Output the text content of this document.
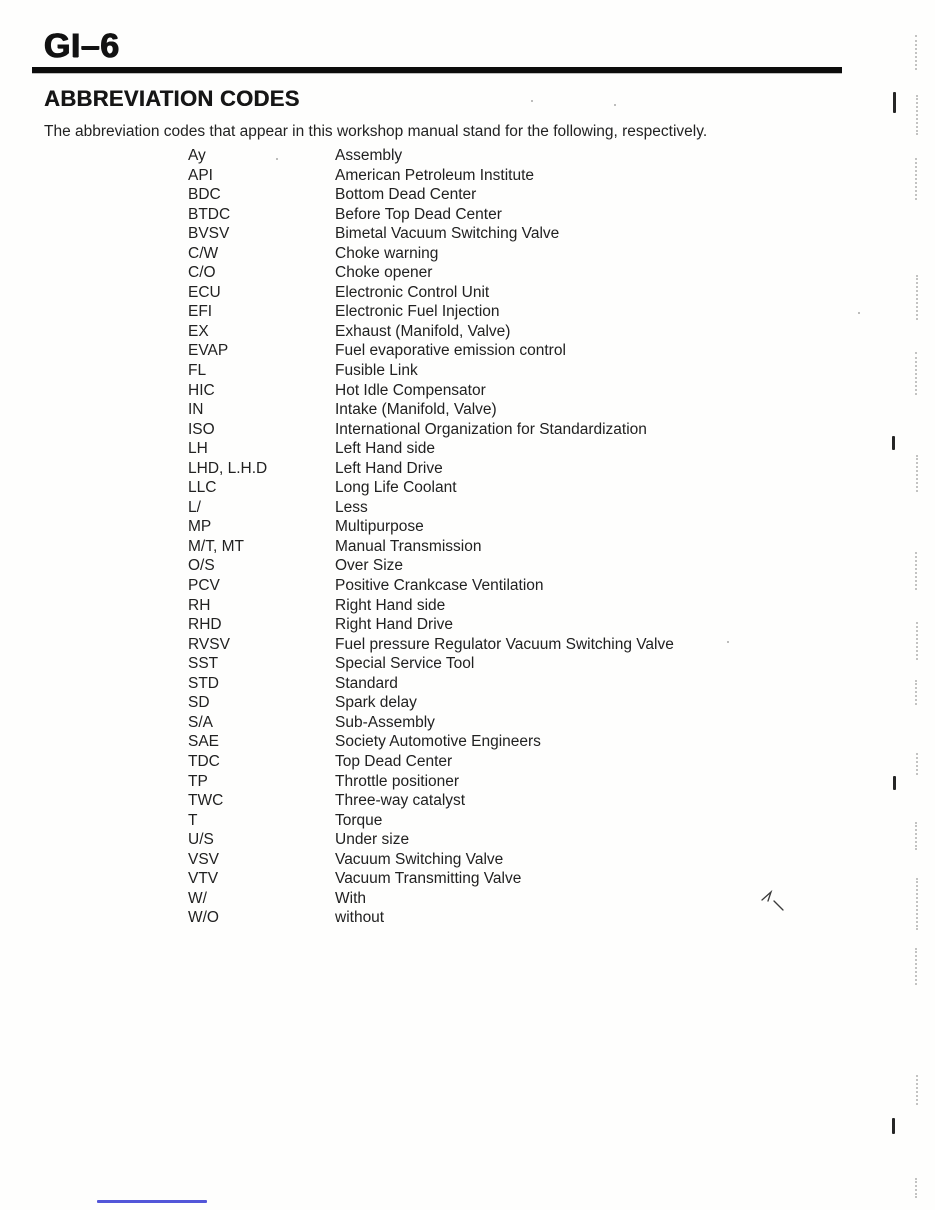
GI–6
ABBREVIATION CODES
The abbreviation codes that appear in this workshop manual stand for the following, respectively.
Ay	Assembly
API	American Petroleum Institute
BDC	Bottom Dead Center
BTDC	Before Top Dead Center
BVSV	Bimetal Vacuum Switching Valve
C/W	Choke warning
C/O	Choke opener
ECU	Electronic Control Unit
EFI	Electronic Fuel Injection
EX	Exhaust (Manifold, Valve)
EVAP	Fuel evaporative emission control
FL	Fusible Link
HIC	Hot Idle Compensator
IN	Intake (Manifold, Valve)
ISO	International Organization for Standardization
LH	Left Hand side
LHD, L.H.D	Left Hand Drive
LLC	Long Life Coolant
L/	Less
MP	Multipurpose
M/T, MT	Manual Transmission
O/S	Over Size
PCV	Positive Crankcase Ventilation
RH	Right Hand side
RHD	Right Hand Drive
RVSV	Fuel pressure Regulator Vacuum Switching Valve
SST	Special Service Tool
STD	Standard
SD	Spark delay
S/A	Sub-Assembly
SAE	Society Automotive Engineers
TDC	Top Dead Center
TP	Throttle positioner
TWC	Three-way catalyst
T	Torque
U/S	Under size
VSV	Vacuum Switching Valve
VTV	Vacuum Transmitting Valve
W/	With
W/O	without
